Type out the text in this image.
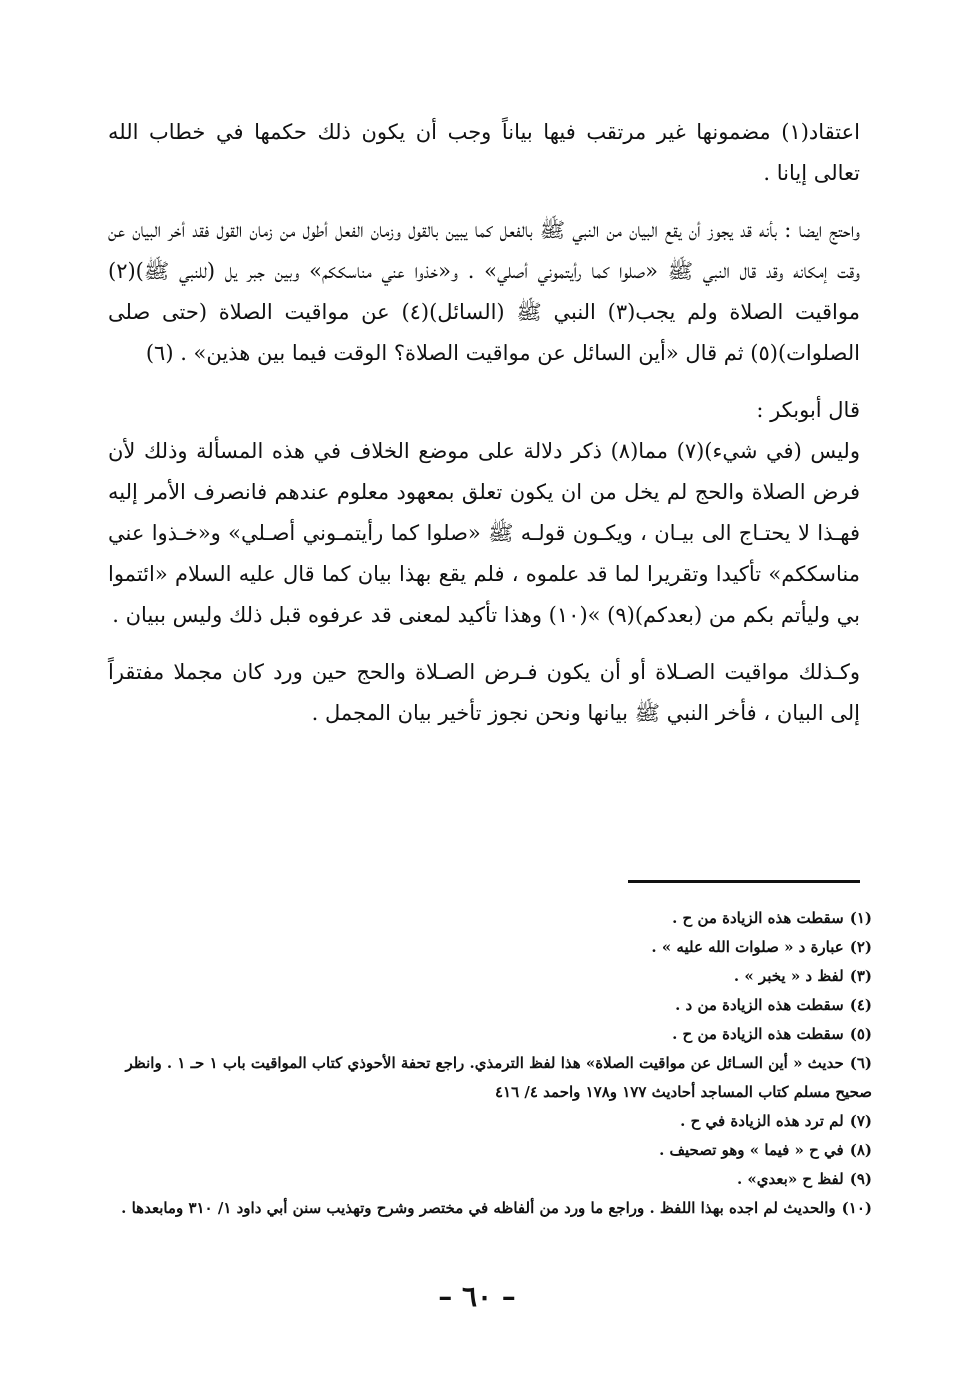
اعتقاد(١) مضمونها غير مرتقب فيها بياناً وجب أن يكون ذلك حكمها في خطاب الله تعالى إيانا .

واحتج ايضا : بأنه قد يجوز أن يقع البيان من النبي ﷺ بالفعل كما يبين بالقول وزمان الفعل أطول من زمان القول فقد أخر البيان عن وقت إمكانه وقد قال النبي ﷺ «صلوا كما رأيتموني أصلي» . و«خذوا عني مناسككم» وبين جبر يل (للنبي ﷺ)(٢) مواقيت الصلاة ولم يجب(٣) النبي ﷺ (السائل)(٤) عن مواقيت الصلاة (حتى صلى الصلوات)(٥) ثم قال «أين السائل عن مواقيت الصلاة؟ الوقت فيما بين هذين» . (٦)

قال أبوبكر :

وليس (في شيء)(٧) مما(٨) ذكر دلالة على موضع الخلاف في هذه المسألة وذلك لأن فرض الصلاة والحج لم يخل من ان يكون تعلق بمعهود معلوم عندهم فانصرف الأمر إليه فهـذا لا يحتـاج الى بيـان ، ويكـون قولـه ﷺ «صلوا كما رأيتمـوني أصـلي» و«خـذوا عني مناسككم» تأكيدا وتقريرا لما قد علموه ، فلم يقع بهذا بيان كما قال عليه السلام «ائتموا بي وليأتم بكم من (بعدكم)(٩) »(١٠) وهذا تأكيد لمعنى قد عرفوه قبل ذلك وليس ببيان .

وكـذلك مواقيت الصـلاة أو أن يكون فـرض الصـلاة والحج حين ورد كان مجملا مفتقراً إلى البيان ، فأخر النبي ﷺ بيانها ونحن نجوز تأخير بيان المجمل .

(١)سقطت هذه الزيادة من ح .

(٢)عبارة د « صلوات الله عليه » .

(٣)لفظ د « يخبر » .

(٤)سقطت هذه الزيادة من د .

(٥)سقطت هذه الزيادة من ح .

(٦)حديث « أين السـائل عن مواقيت الصلاة» هذا لفظ الترمذي. راجع تحفة الأحوذي كتاب المواقيت باب ١ حـ ١ . وانظر صحيح مسلم كتاب المساجد أحاديث ١٧٧ و١٧٨ واحمد ٤/ ٤١٦

(٧)لم ترد هذه الزيادة في ح .

(٨)في ح « فيما » وهو تصحيف .

(٩)لفظ ح «بعدي» .

(١٠)والحديث لم اجده بهذا اللفظ . وراجع ما ورد من ألفاظه في مختصر وشرح وتهذيب سنن أبي داود ١/ ٣١٠ ومابعدها .

– ٦٠ –
